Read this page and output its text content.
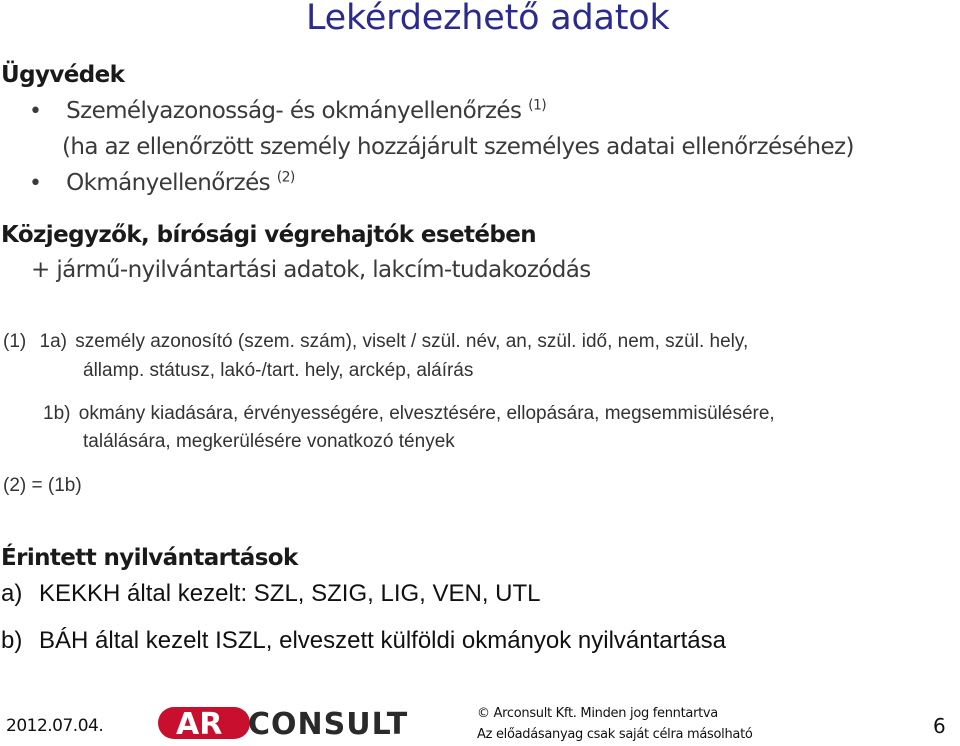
Lekérdezhető adatok
Ügyvédek
• Személyazonosság- és okmányellenőrzés $^{(1)}$
(ha az ellenőrzött személy hozzájárult személyes adatai ellenőrzéséhez)
• Okmányellenőrzés $^{(2)}$
Közjegyzők, bírósági végrehajtók esetében
+ jármű-nyilvántartási adatok, lakcím-tudakozódás
(1) 1a) személy azonosító (szem. szám), viselt / szül. név, an, szül. idő, nem, szül. hely,
államp. státusz, lakó-/tart. hely, arckép, aláírás
1b) okmány kiadására, érvényességére, elvesztésére, ellopására, megsemmisülésére,
találására, megkerülésére vonatkozó tények
(2) = (1b)
Érintett nyilvántartások
a) KEKKH által kezelt: SZL, SZIG, LIG, VEN, UTL
b) BÁH által kezelt ISZL, elveszett külföldi okmányok nyilvántartása
2012.07.04. AR CONSULT	© Arconsult Kft. Minden jog fenntartva
Az előadásanyag csak saját célra másolható	6
